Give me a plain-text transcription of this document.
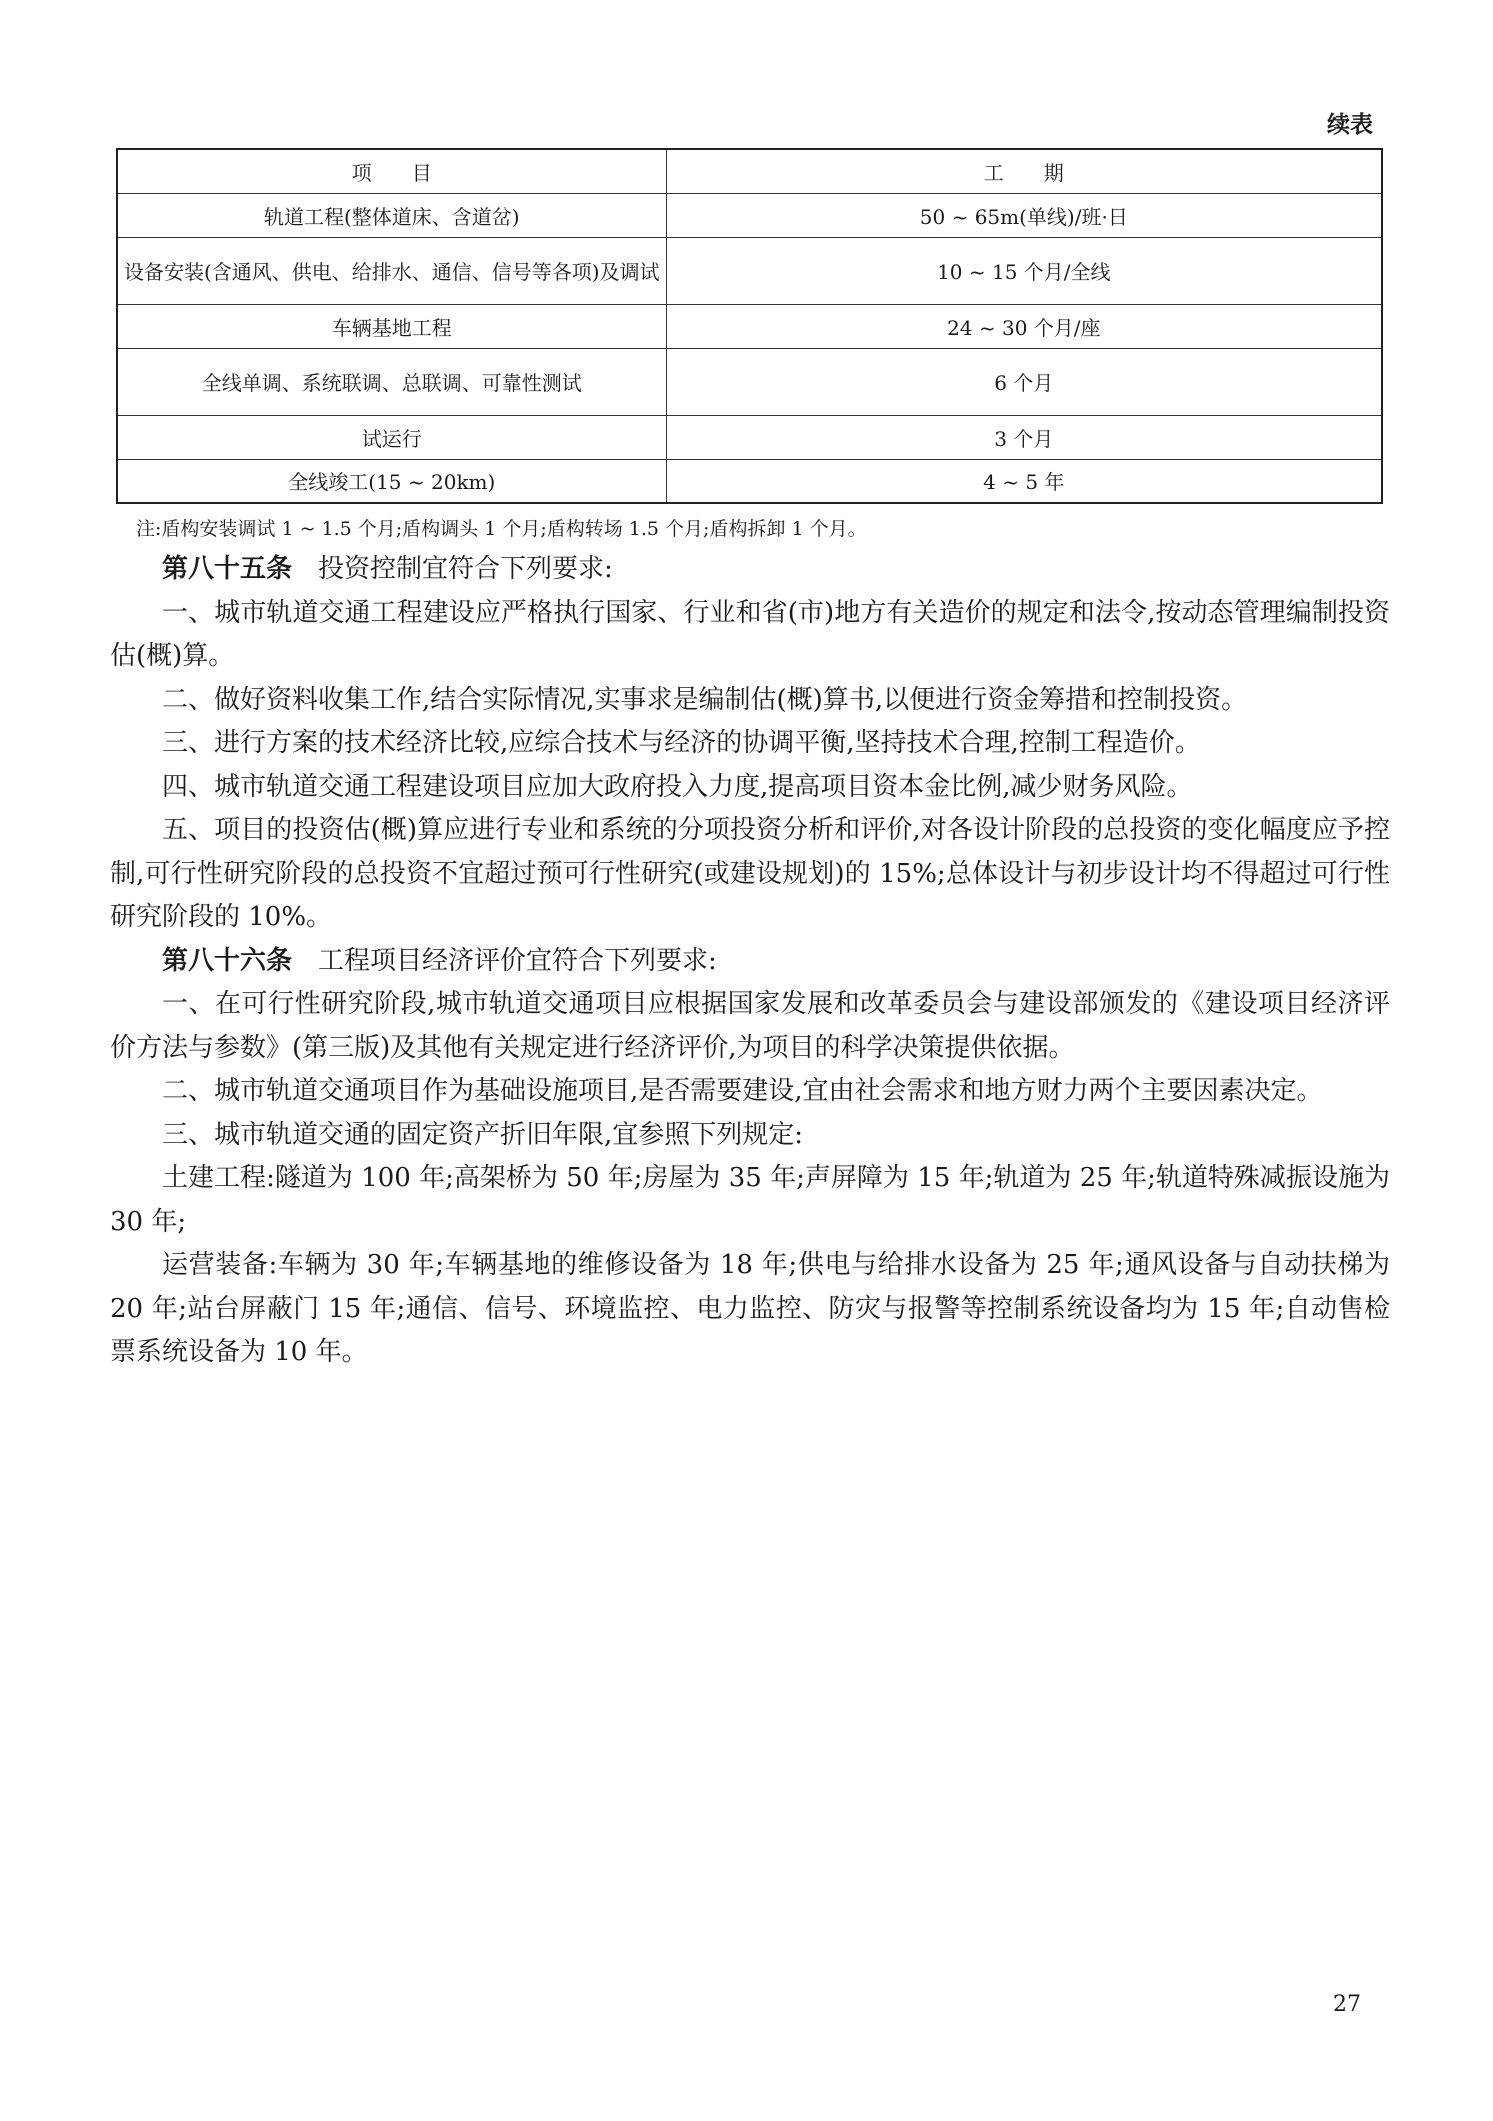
续表
项　　目	工　　期
轨道工程(整体道床、含道岔)	50 ~ 65m(单线)/班·日
设备安装(含通风、供电、给排水、通信、信号等各项)及调试	10 ~ 15 个月/全线
车辆基地工程	24 ~ 30 个月/座
全线单调、系统联调、总联调、可靠性测试	6 个月
试运行	3 个月
全线竣工(15 ~ 20km)	4 ~ 5 年
注:盾构安装调试 1 ~ 1.5 个月;盾构调头 1 个月;盾构转场 1.5 个月;盾构拆卸 1 个月。

第八十五条 投资控制宜符合下列要求:

一、城市轨道交通工程建设应严格执行国家、行业和省(市)地方有关造价的规定和法令,按动态管理编制投资估(概)算。

二、做好资料收集工作,结合实际情况,实事求是编制估(概)算书,以便进行资金筹措和控制投资。

三、进行方案的技术经济比较,应综合技术与经济的协调平衡,坚持技术合理,控制工程造价。

四、城市轨道交通工程建设项目应加大政府投入力度,提高项目资本金比例,减少财务风险。

五、项目的投资估(概)算应进行专业和系统的分项投资分析和评价,对各设计阶段的总投资的变化幅度应予控制,可行性研究阶段的总投资不宜超过预可行性研究(或建设规划)的 15%;总体设计与初步设计均不得超过可行性研究阶段的 10%。

第八十六条 工程项目经济评价宜符合下列要求:

一、在可行性研究阶段,城市轨道交通项目应根据国家发展和改革委员会与建设部颁发的《建设项目经济评价方法与参数》(第三版)及其他有关规定进行经济评价,为项目的科学决策提供依据。

二、城市轨道交通项目作为基础设施项目,是否需要建设,宜由社会需求和地方财力两个主要因素决定。

三、城市轨道交通的固定资产折旧年限,宜参照下列规定:

土建工程:隧道为 100 年;高架桥为 50 年;房屋为 35 年;声屏障为 15 年;轨道为 25 年;轨道特殊减振设施为 30 年;

运营装备:车辆为 30 年;车辆基地的维修设备为 18 年;供电与给排水设备为 25 年;通风设备与自动扶梯为 20 年;站台屏蔽门 15 年;通信、信号、环境监控、电力监控、防灾与报警等控制系统设备均为 15 年;自动售检票系统设备为 10 年。

27
